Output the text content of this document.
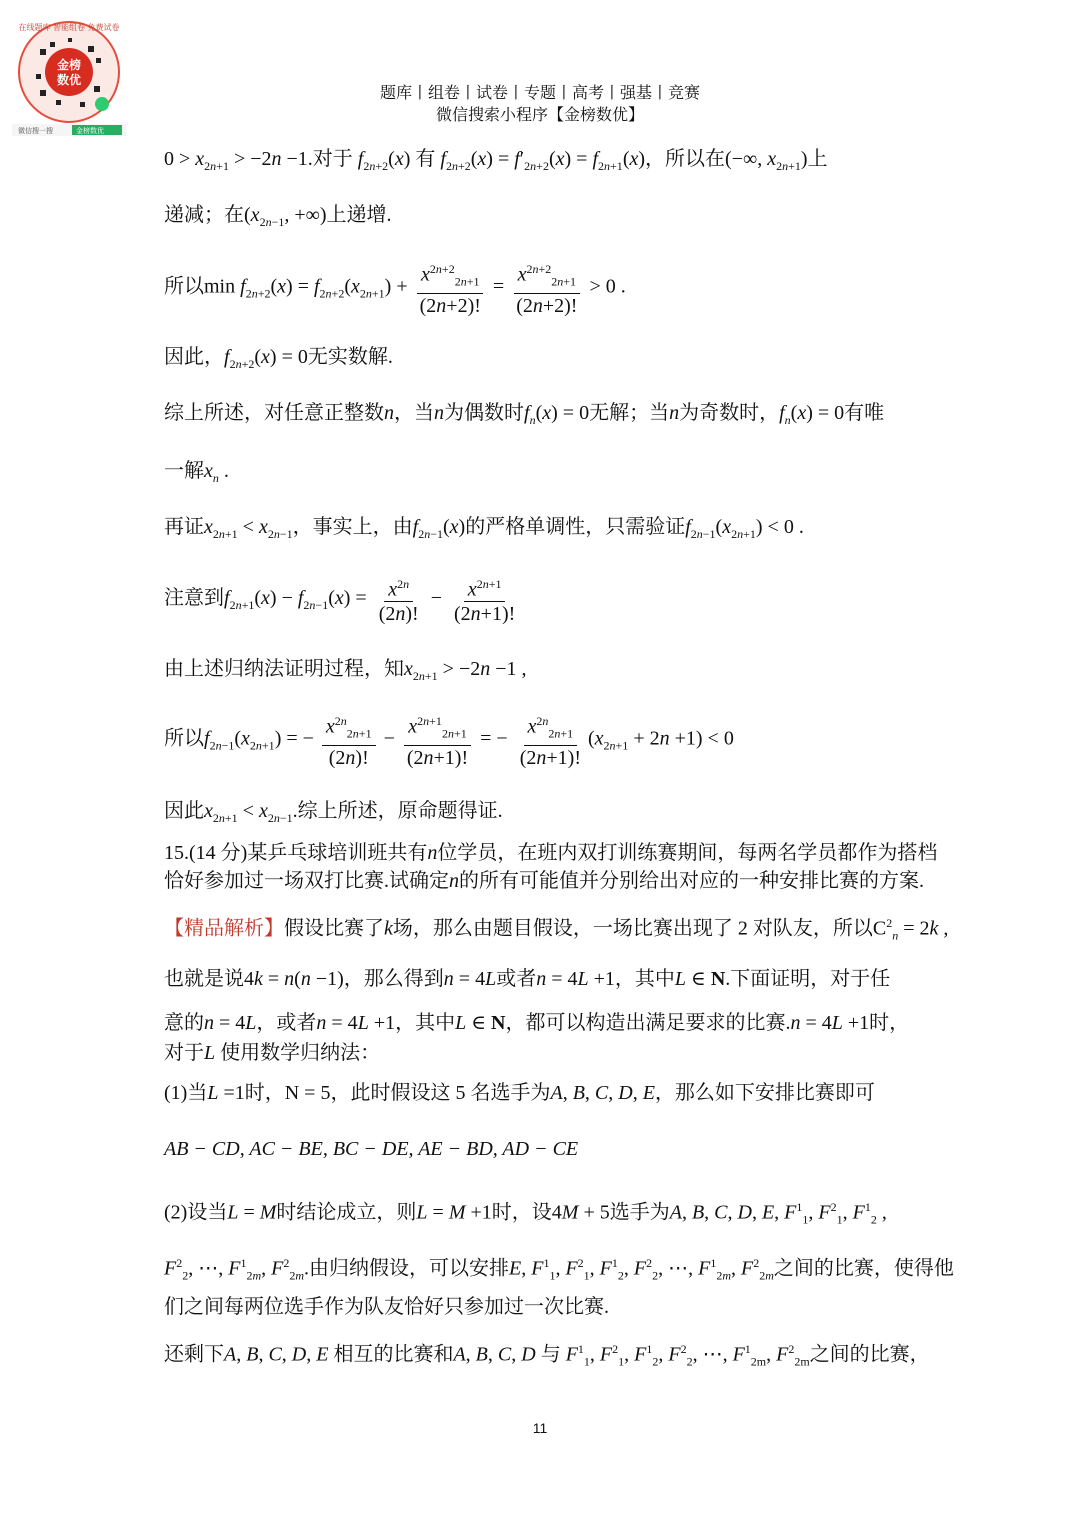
金榜
数优
在线题库 智能组卷 免费试卷
微信搜一搜	金榜数优
题库丨组卷丨试卷丨专题丨高考丨强基丨竞赛
微信搜索小程序【金榜数优】
$0 > x_{2n+1} > -2n -1$.对于 $f_{2n+2}(x)$ 有 $f_{2n+2}(x) = f'_{2n+2}(x) = f_{2n+1}(x)$，所以在(−∞, $x_{2n+1}$)上
递减；在($x_{2n-1}$, +∞)上递增.
所以$\min f_{2n+2}(x) = f_{2n+2}(x_{2n+1}) + \frac{x^{2n+2}_{2n+1}}{(2n+2)!} = \frac{x^{2n+2}_{2n+1}}{(2n+2)!} > 0$ .
因此，$f_{2n+2}(x) = 0$无实数解.
综上所述，对任意正整数n，当n为偶数时$f_n(x) = 0$无解；当n为奇数时，$f_n(x) = 0$有唯
一解$x_n$ .
再证$x_{2n+1} < x_{2n-1}$，事实上，由$f_{2n-1}(x)$的严格单调性，只需验证$f_{2n-1}(x_{2n+1}) < 0$ .
注意到$f_{2n+1}(x) - f_{2n-1}(x) = \frac{x^{2n}}{(2n)!} - \frac{x^{2n+1}}{(2n+1)!}$
由上述归纳法证明过程，知$x_{2n+1} > -2n -1$ ,
所以$f_{2n-1}(x_{2n+1})$ = − $\frac{x^{2n}_{2n+1}}{(2n)!} - \frac{x^{2n+1}_{2n+1}}{(2n+1)!}$ = − $\frac{x^{2n}_{2n+1}}{(2n+1)!} (x_{2n+1} + 2n +1) < 0$
因此$x_{2n+1} < x_{2n-1}$.综上所述，原命题得证.
15.(14 分)某乒乓球培训班共有n位学员，在班内双打训练赛期间，每两名学员都作为搭档
恰好参加过一场双打比赛.试确定n的所有可能值并分别给出对应的一种安排比赛的方案.
【精品解析】假设比赛了k场，那么由题目假设，一场比赛出现了 2 对队友，所以$C^2_n = 2k$ ,
也就是说4k = n(n −1)，那么得到n = 4L或者n = 4L +1，其中L ∈ N.下面证明，对于任
意的n = 4L，或者n = 4L +1，其中L ∈ N，都可以构造出满足要求的比赛.n = 4L +1时，
对于L 使用数学归纳法：
(1)当L =1时，N = 5，此时假设这 5 名选手为A, B, C, D, E，那么如下安排比赛即可
AB − CD, AC − BE, BC − DE, AE − BD, AD − CE
(2)设当L = M时结论成立，则L = M +1时，设4M + 5选手为A, B, C, D, E, $F^1_1$, $F^2_1$, $F^1_2$ ,
$F^2_2$, ⋯, $F^1_{2m}$, $F^2_{2m}$.由归纳假设，可以安排E, $F^1_1$, $F^2_1$, $F^1_2$, $F^2_2$, ⋯, $F^1_{2m}$, $F^2_{2m}$之间的比赛，使得他
们之间每两位选手作为队友恰好只参加过一次比赛.
还剩下A, B, C, D, E 相互的比赛和A, B, C, D 与 $F^1_1$, $F^2_1$, $F^1_2$, $F^2_2$, ⋯, $F^1_{2m}$, $F^2_{2m}$之间的比赛，
11
